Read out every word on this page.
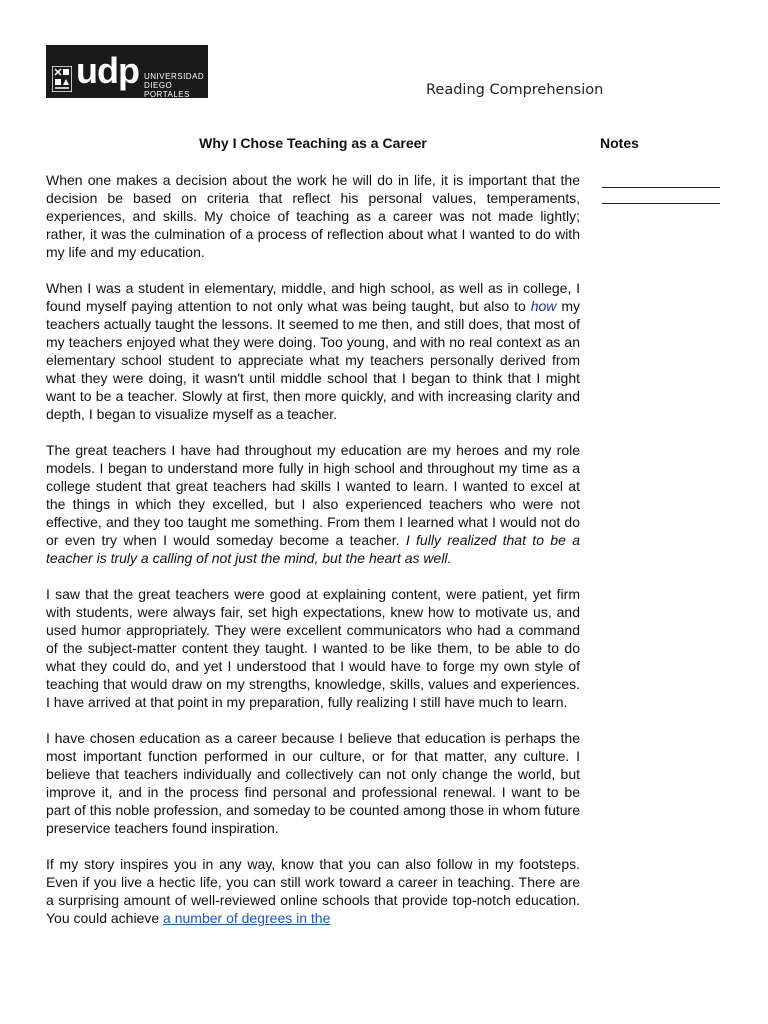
udp UNIVERSIDAD
DIEGO PORTALES	Reading Comprehension
Why I Chose Teaching as a Career	Notes

When one makes a decision about the work he will do in life, it is important that the decision be based on criteria that reflect his personal values, temperaments, experiences, and skills. My choice of teaching as a career was not made lightly; rather, it was the culmination of a process of reflection about what I wanted to do with my life and my education.

When I was a student in elementary, middle, and high school, as well as in college, I found myself paying attention to not only what was being taught, but also to how my teachers actually taught the lessons. It seemed to me then, and still does, that most of my teachers enjoyed what they were doing. Too young, and with no real context as an elementary school student to appreciate what my teachers personally derived from what they were doing, it wasn't until middle school that I began to think that I might want to be a teacher. Slowly at first, then more quickly, and with increasing clarity and depth, I began to visualize myself as a teacher.

The great teachers I have had throughout my education are my heroes and my role models. I began to understand more fully in high school and throughout my time as a college student that great teachers had skills I wanted to learn. I wanted to excel at the things in which they excelled, but I also experienced teachers who were not effective, and they too taught me something. From them I learned what I would not do or even try when I would someday become a teacher. I fully realized that to be a teacher is truly a calling of not just the mind, but the heart as well.

I saw that the great teachers were good at explaining content, were patient, yet firm with students, were always fair, set high expectations, knew how to motivate us, and used humor appropriately. They were excellent communicators who had a command of the subject-matter content they taught. I wanted to be like them, to be able to do what they could do, and yet I understood that I would have to forge my own style of teaching that would draw on my strengths, knowledge, skills, values and experiences. I have arrived at that point in my preparation, fully realizing I still have much to learn.

I have chosen education as a career because I believe that education is perhaps the most important function performed in our culture, or for that matter, any culture. I believe that teachers individually and collectively can not only change the world, but improve it, and in the process find personal and professional renewal. I want to be part of this noble profession, and someday to be counted among those in whom future preservice teachers found inspiration.

If my story inspires you in any way, know that you can also follow in my footsteps. Even if you live a hectic life, you can still work toward a career in teaching. There are a surprising amount of well-reviewed online schools that provide top-notch education. You could achieve a number of degrees in the
